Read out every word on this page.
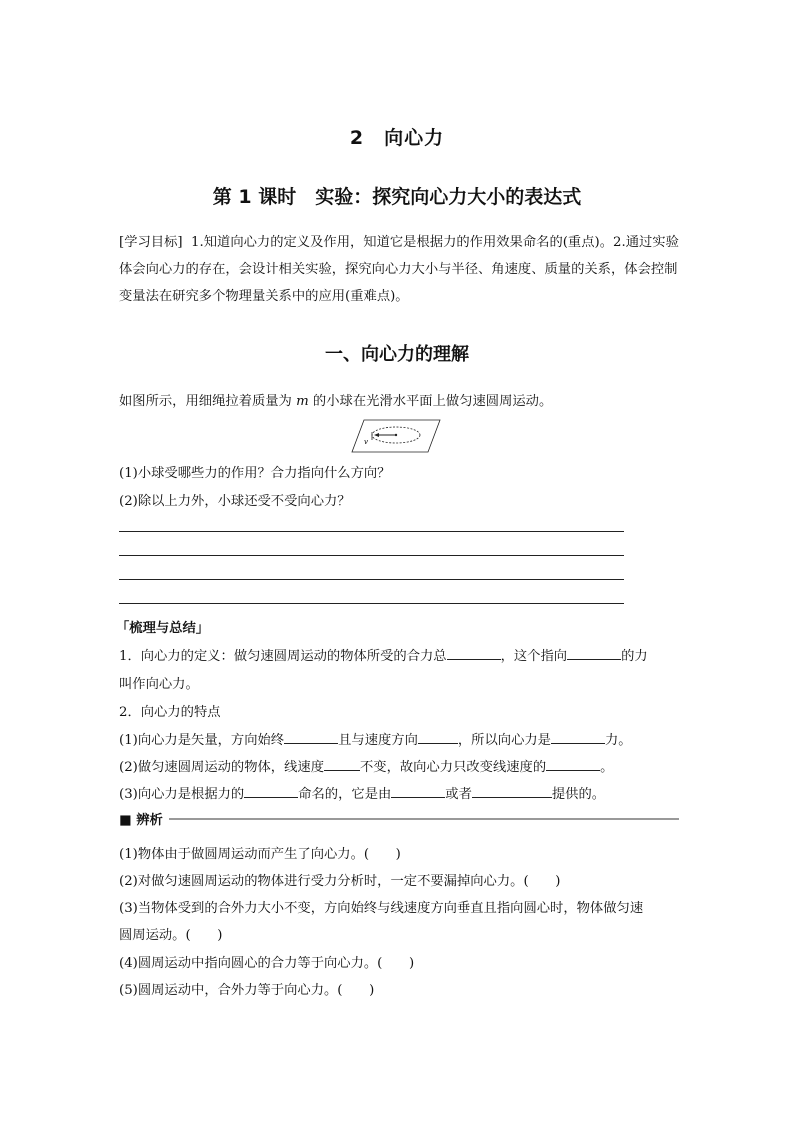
2　向心力
第 1 课时　实验：探究向心力大小的表达式
[学习目标] 1.知道向心力的定义及作用，知道它是根据力的作用效果命名的(重点)。2.通过实验体会向心力的存在，会设计相关实验，探究向心力大小与半径、角速度、质量的关系，体会控制变量法在研究多个物理量关系中的应用(重难点)。
一、向心力的理解
如图所示，用细绳拉着质量为 m 的小球在光滑水平面上做匀速圆周运动。
v
(1)小球受哪些力的作用？合力指向什么方向？
(2)除以上力外，小球还受不受向心力？
「梳理与总结」
1．向心力的定义：做匀速圆周运动的物体所受的合力总	，这个指向	的力
叫作向心力。
2．向心力的特点
(1)向心力是矢量，方向始终	且与速度方向	，所以向心力是	力。
(2)做匀速圆周运动的物体，线速度	不变，故向心力只改变线速度的	。
(3)向心力是根据力的	命名的，它是由	或者	提供的。
■ 辨析
(1)物体由于做圆周运动而产生了向心力。(　　)
(2)对做匀速圆周运动的物体进行受力分析时，一定不要漏掉向心力。(　　)
(3)当物体受到的合外力大小不变，方向始终与线速度方向垂直且指向圆心时，物体做匀速
圆周运动。(　　)
(4)圆周运动中指向圆心的合力等于向心力。(　　)
(5)圆周运动中，合外力等于向心力。(　　)
